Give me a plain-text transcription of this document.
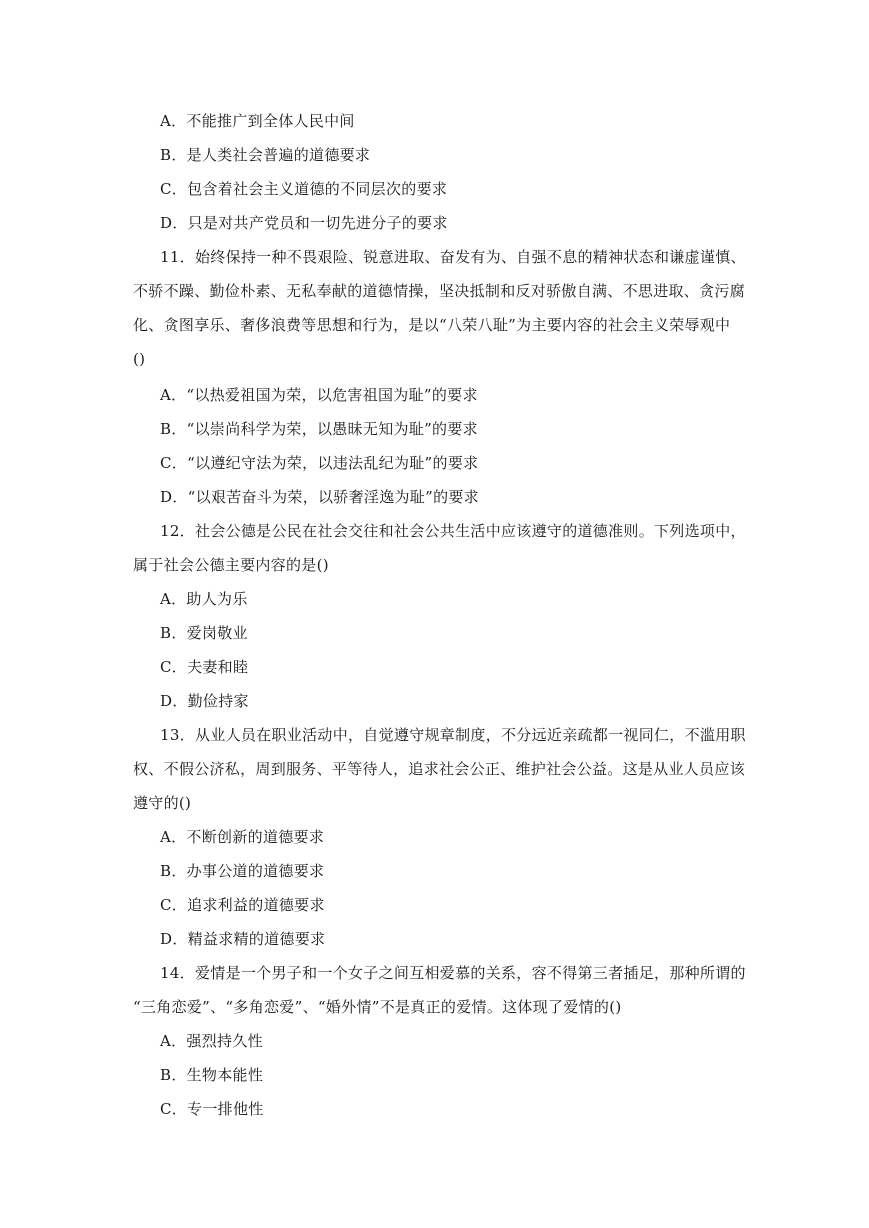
A．不能推广到全体人民中间
B．是人类社会普遍的道德要求
C．包含着社会主义道德的不同层次的要求
D．只是对共产党员和一切先进分子的要求
11．始终保持一种不畏艰险、锐意进取、奋发有为、自强不息的精神状态和谦虚谨慎、
不骄不躁、勤俭朴素、无私奉献的道德情操，坚决抵制和反对骄傲自满、不思进取、贪污腐
化、贪图享乐、奢侈浪费等思想和行为，是以“八荣八耻”为主要内容的社会主义荣辱观中
()
A．“以热爱祖国为荣，以危害祖国为耻”的要求
B．“以崇尚科学为荣，以愚昧无知为耻”的要求
C．“以遵纪守法为荣，以违法乱纪为耻”的要求
D．“以艰苦奋斗为荣，以骄奢淫逸为耻”的要求
12．社会公德是公民在社会交往和社会公共生活中应该遵守的道德准则。下列选项中，
属于社会公德主要内容的是()
A．助人为乐
B．爱岗敬业
C．夫妻和睦
D．勤俭持家
13．从业人员在职业活动中，自觉遵守规章制度，不分远近亲疏都一视同仁，不滥用职
权、不假公济私，周到服务、平等待人，追求社会公正、维护社会公益。这是从业人员应该
遵守的()
A．不断创新的道德要求
B．办事公道的道德要求
C．追求利益的道德要求
D．精益求精的道德要求
14．爱情是一个男子和一个女子之间互相爱慕的关系，容不得第三者插足，那种所谓的
“三角恋爱”、“多角恋爱”、“婚外情”不是真正的爱情。这体现了爱情的()
A．强烈持久性
B．生物本能性
C．专一排他性
